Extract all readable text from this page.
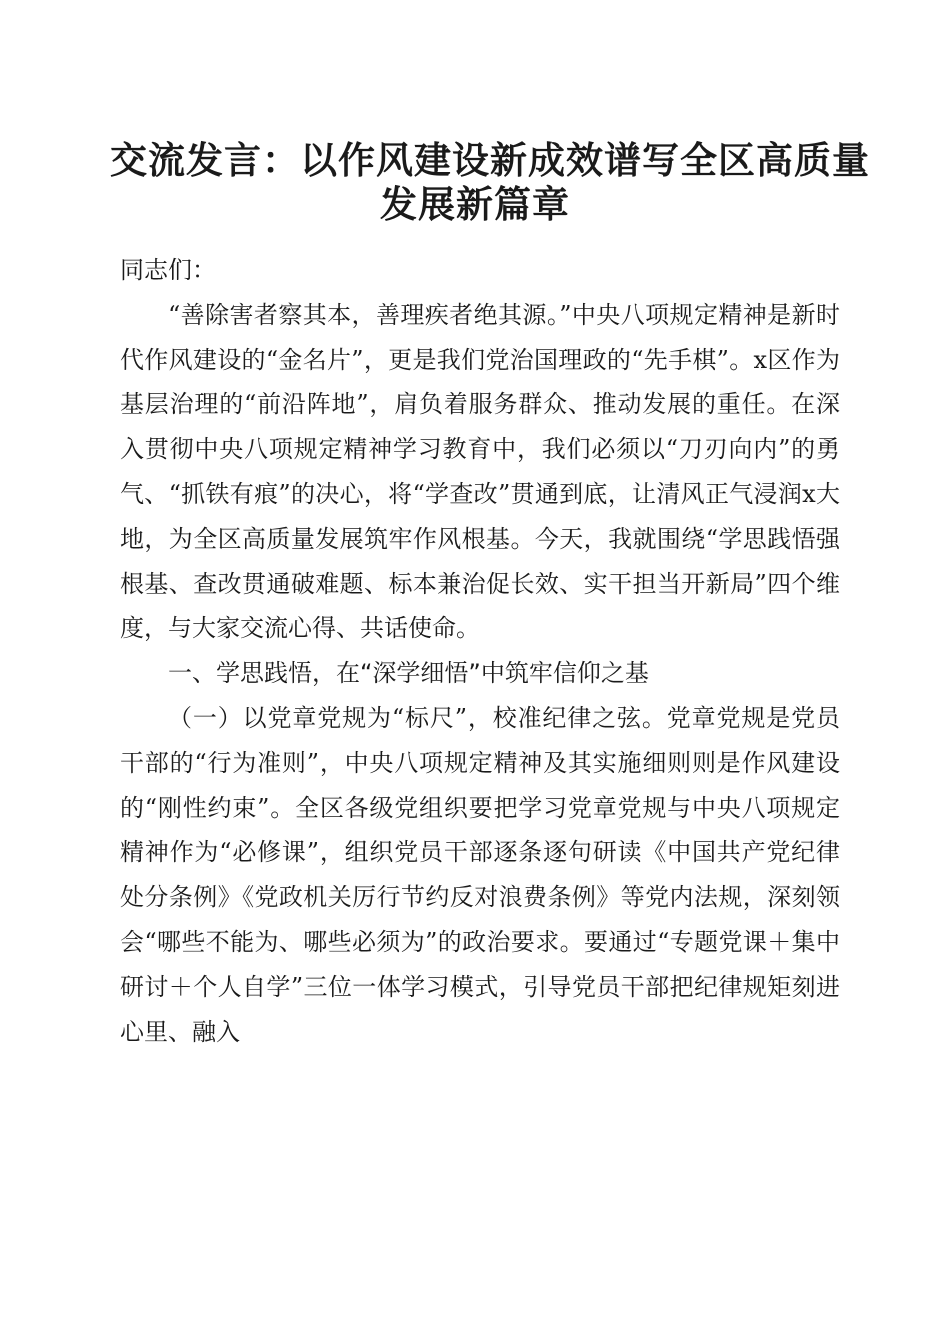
交流发言：以作风建设新成效谱写全区高质量
发展新篇章

同志们：

“善除害者察其本，善理疾者绝其源。”中央八项规定精神是新时代作风建设的“金名片”，更是我们党治国理政的“先手棋”。x区作为基层治理的“前沿阵地”，肩负着服务群众、推动发展的重任。在深入贯彻中央八项规定精神学习教育中，我们必须以“刀刃向内”的勇气、“抓铁有痕”的决心，将“学查改”贯通到底，让清风正气浸润x大地，为全区高质量发展筑牢作风根基。今天，我就围绕“学思践悟强根基、查改贯通破难题、标本兼治促长效、实干担当开新局”四个维度，与大家交流心得、共话使命。

一、学思践悟，在“深学细悟”中筑牢信仰之基

（一）以党章党规为“标尺”，校准纪律之弦。党章党规是党员干部的“行为准则”，中央八项规定精神及其实施细则则是作风建设的“刚性约束”。全区各级党组织要把学习党章党规与中央八项规定精神作为“必修课”，组织党员干部逐条逐句研读《中国共产党纪律处分条例》《党政机关厉行节约反对浪费条例》等党内法规，深刻领会“哪些不能为、哪些必须为”的政治要求。要通过“专题党课＋集中研讨＋个人自学”三位一体学习模式，引导党员干部把纪律规矩刻进心里、融入
